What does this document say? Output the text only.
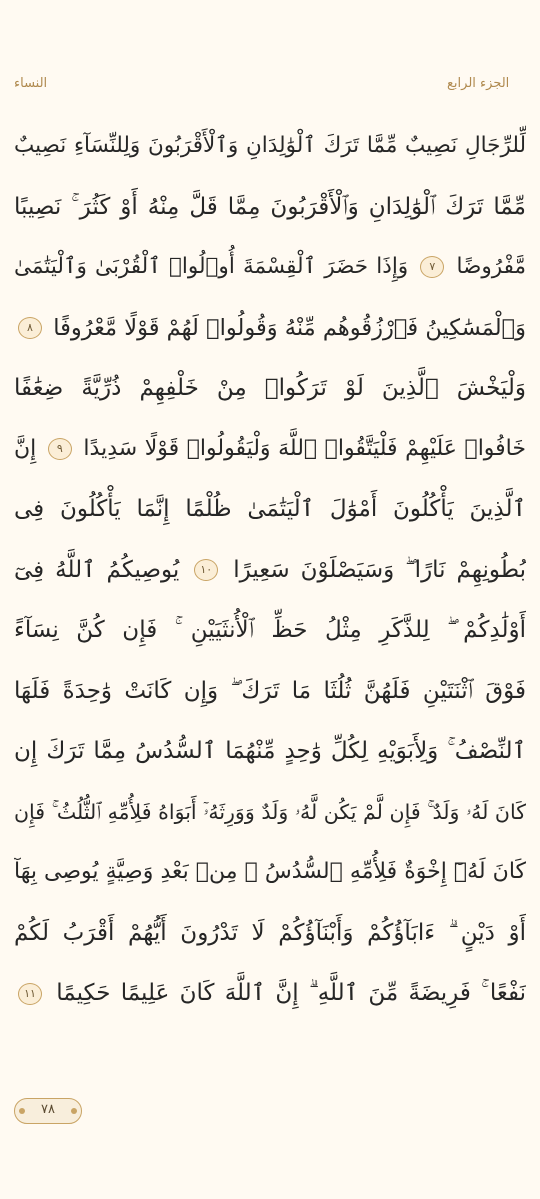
الجزء الرابع
النساء
لِّلرِّجَالِ نَصِيبٌ مِّمَّا تَرَكَ ٱلْوَٰلِدَانِ وَٱلْأَقْرَبُونَ وَلِلنِّسَآءِ نَصِيبٌ
مِّمَّا تَرَكَ ٱلْوَٰلِدَانِ وَٱلْأَقْرَبُونَ مِمَّا قَلَّ مِنْهُ أَوْ كَثُرَ ۚ نَصِيبًا
مَّفْرُوضًا ٧ وَإِذَا حَضَرَ ٱلْقِسْمَةَ أُو۟لُوا۟ ٱلْقُرْبَىٰ وَٱلْيَتَٰمَىٰ
وَٱلْمَسَٰكِينُ فَٱرْزُقُوهُم مِّنْهُ وَقُولُوا۟ لَهُمْ قَوْلًا مَّعْرُوفًا ٨
وَلْيَخْشَ ٱلَّذِينَ لَوْ تَرَكُوا۟ مِنْ خَلْفِهِمْ ذُرِّيَّةً ضِعَٰفًا
خَافُوا۟ عَلَيْهِمْ فَلْيَتَّقُوا۟ ٱللَّهَ وَلْيَقُولُوا۟ قَوْلًا سَدِيدًا ٩ إِنَّ
ٱلَّذِينَ يَأْكُلُونَ أَمْوَٰلَ ٱلْيَتَٰمَىٰ ظُلْمًا إِنَّمَا يَأْكُلُونَ فِى
بُطُونِهِمْ نَارًا ۖ وَسَيَصْلَوْنَ سَعِيرًا ١٠ يُوصِيكُمُ ٱللَّهُ فِىٓ
أَوْلَٰدِكُمْ ۖ لِلذَّكَرِ مِثْلُ حَظِّ ٱلْأُنثَيَيْنِ ۚ فَإِن كُنَّ نِسَآءً
فَوْقَ ٱثْنَتَيْنِ فَلَهُنَّ ثُلُثَا مَا تَرَكَ ۖ وَإِن كَانَتْ وَٰحِدَةً فَلَهَا
ٱلنِّصْفُ ۚ وَلِأَبَوَيْهِ لِكُلِّ وَٰحِدٍ مِّنْهُمَا ٱلسُّدُسُ مِمَّا تَرَكَ إِن
كَانَ لَهُۥ وَلَدٌ ۚ فَإِن لَّمْ يَكُن لَّهُۥ وَلَدٌ وَوَرِثَهُۥٓ أَبَوَاهُ فَلِأُمِّهِ ٱلثُّلُثُ ۚ فَإِن
كَانَ لَهُۥٓ إِخْوَةٌ فَلِأُمِّهِ ٱلسُّدُسُ ۚ مِنۢ بَعْدِ وَصِيَّةٍ يُوصِى بِهَآ
أَوْ دَيْنٍ ۗ ءَابَآؤُكُمْ وَأَبْنَآؤُكُمْ لَا تَدْرُونَ أَيُّهُمْ أَقْرَبُ لَكُمْ
نَفْعًا ۚ فَرِيضَةً مِّنَ ٱللَّهِ ۗ إِنَّ ٱللَّهَ كَانَ عَلِيمًا حَكِيمًا ١١
٧٨
